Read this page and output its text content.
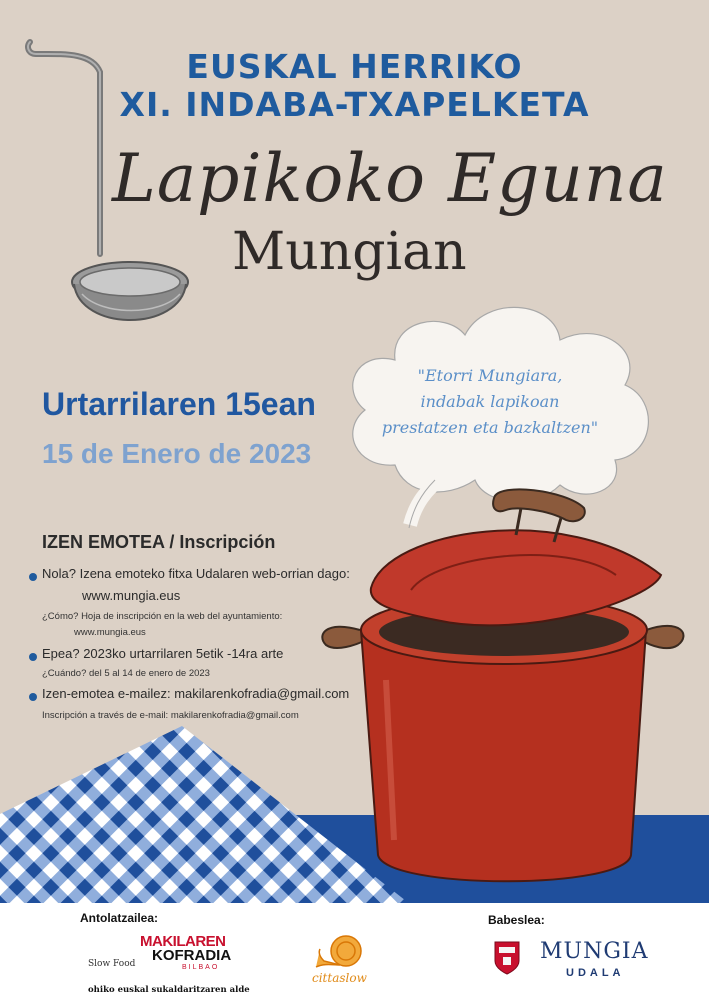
EUSKAL HERRIKO
XI. INDABA-TXAPELKETA
Lapikoko Eguna
Mungian
"Etorri Mungiara,
indabak lapikoan
prestatzen eta bazkaltzen"
Urtarrilaren 15ean
15 de Enero de 2023
IZEN EMOTEA / Inscripción
Nola? Izena emoteko fitxa Udalaren web-orrian dago:
www.mungia.eus
¿Cómo? Hoja de inscripción en la web del ayuntamiento:
www.mungia.eus
Epea? 2023ko urtarrilaren 5etik -14ra arte
¿Cuándo? del 5 al 14 de enero de 2023
Izen-emotea e-mailez: makilarenkofradia@gmail.com
Inscripción a través de e-mail: makilarenkofradia@gmail.com
Antolatzailea:	Babeslea:
Slow Food
MAKILAREN
KOFRADIA
BILBAO
ohiko euskal sukaldaritzaren alde
cittaslow
MUNGIA
UDALA
